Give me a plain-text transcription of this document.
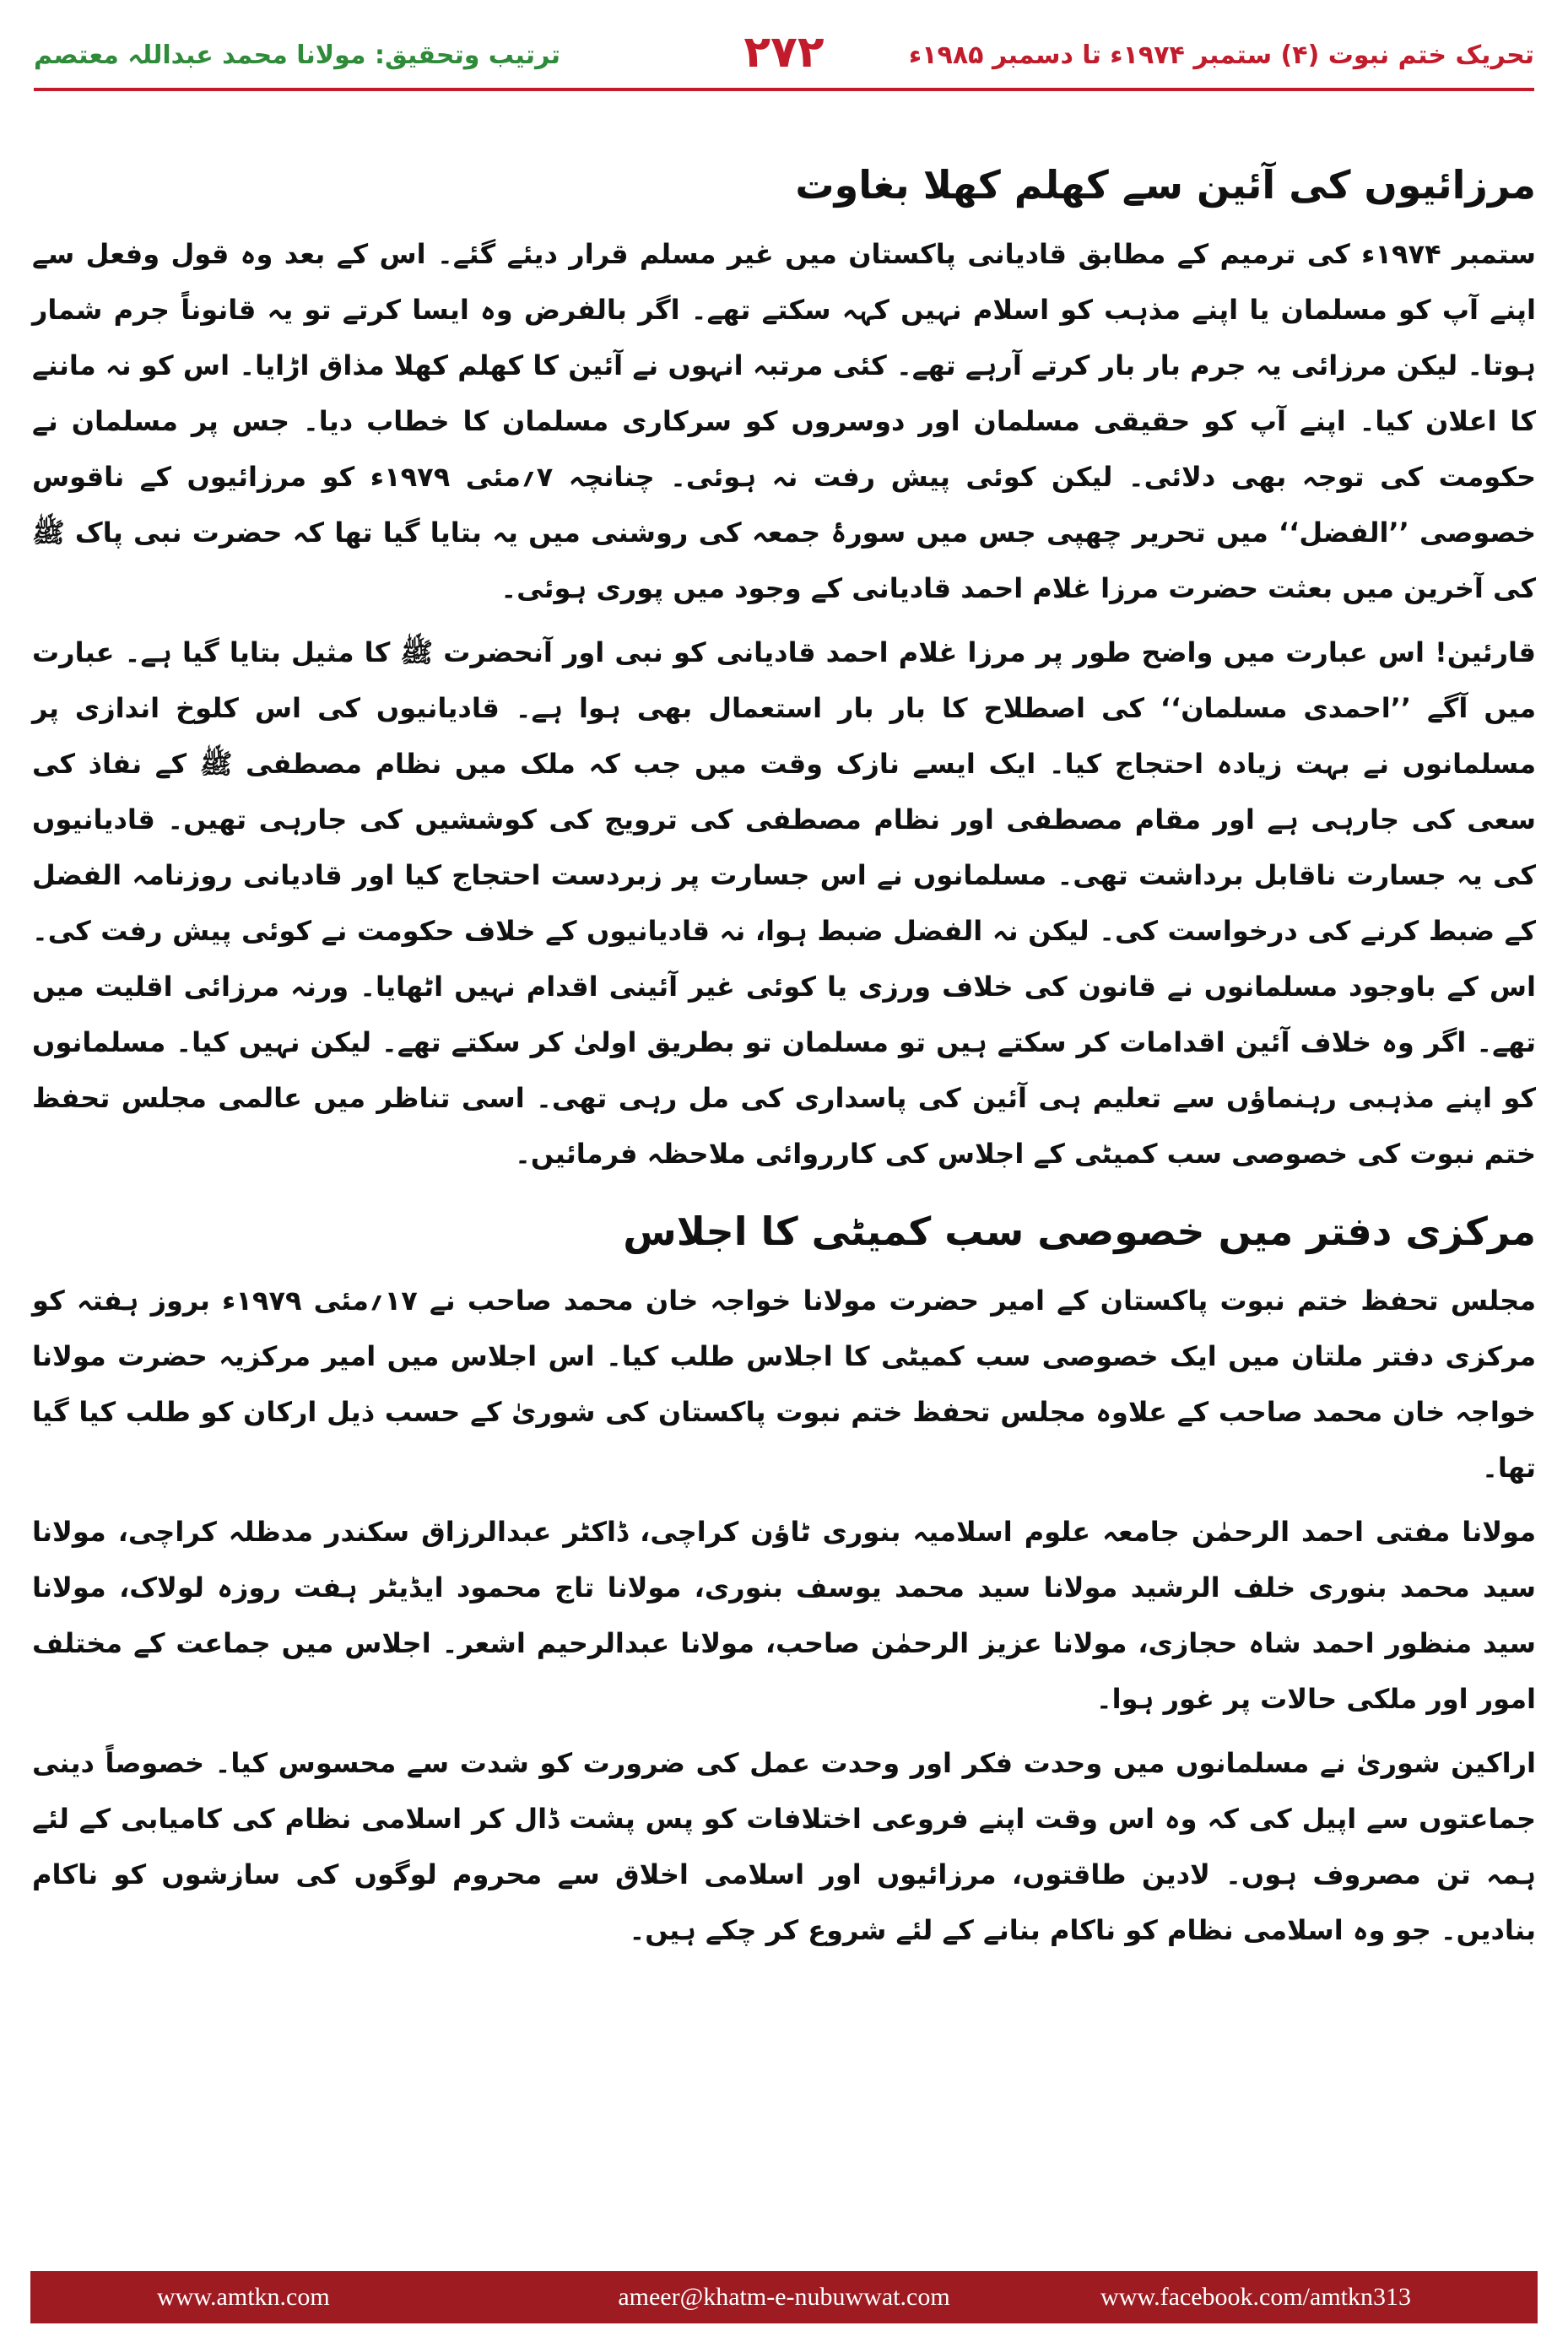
ترتیب وتحقیق: مولانا محمد عبداللہ معتصم	۲۷۲	تحریک ختم نبوت (۴) ستمبر ۱۹۷۴ء تا دسمبر ۱۹۸۵ء
مرزائیوں کی آئین سے کھلم کھلا بغاوت

ستمبر ۱۹۷۴ء کی ترمیم کے مطابق قادیانی پاکستان میں غیر مسلم قرار دیئے گئے۔ اس کے بعد وہ قول وفعل سے اپنے آپ کو مسلمان یا اپنے مذہب کو اسلام نہیں کہہ سکتے تھے۔ اگر بالفرض وہ ایسا کرتے تو یہ قانوناً جرم شمار ہوتا۔ لیکن مرزائی یہ جرم بار بار کرتے آرہے تھے۔ کئی مرتبہ انہوں نے آئین کا کھلم کھلا مذاق اڑایا۔ اس کو نہ ماننے کا اعلان کیا۔ اپنے آپ کو حقیقی مسلمان اور دوسروں کو سرکاری مسلمان کا خطاب دیا۔ جس پر مسلمان نے حکومت کی توجہ بھی دلائی۔ لیکن کوئی پیش رفت نہ ہوئی۔ چنانچہ ۷؍مئی ۱۹۷۹ء کو مرزائیوں کے ناقوس خصوصی ’’الفضل‘‘ میں تحریر چھپی جس میں سورۂ جمعہ کی روشنی میں یہ بتایا گیا تھا کہ حضرت نبی پاک ﷺ کی آخرین میں بعثت حضرت مرزا غلام احمد قادیانی کے وجود میں پوری ہوئی۔

قارئین! اس عبارت میں واضح طور پر مرزا غلام احمد قادیانی کو نبی اور آنحضرت ﷺ کا مثیل بتایا گیا ہے۔ عبارت میں آگے ’’احمدی مسلمان‘‘ کی اصطلاح کا بار بار استعمال بھی ہوا ہے۔ قادیانیوں کی اس کلوخ اندازی پر مسلمانوں نے بہت زیادہ احتجاج کیا۔ ایک ایسے نازک وقت میں جب کہ ملک میں نظام مصطفی ﷺ کے نفاذ کی سعی کی جارہی ہے اور مقام مصطفی اور نظام مصطفی کی ترویج کی کوششیں کی جارہی تھیں۔ قادیانیوں کی یہ جسارت ناقابل برداشت تھی۔ مسلمانوں نے اس جسارت پر زبردست احتجاج کیا اور قادیانی روزنامہ الفضل کے ضبط کرنے کی درخواست کی۔ لیکن نہ الفضل ضبط ہوا، نہ قادیانیوں کے خلاف حکومت نے کوئی پیش رفت کی۔ اس کے باوجود مسلمانوں نے قانون کی خلاف ورزی یا کوئی غیر آئینی اقدام نہیں اٹھایا۔ ورنہ مرزائی اقلیت میں تھے۔ اگر وہ خلاف آئین اقدامات کر سکتے ہیں تو مسلمان تو بطریق اولیٰ کر سکتے تھے۔ لیکن نہیں کیا۔ مسلمانوں کو اپنے مذہبی رہنماؤں سے تعلیم ہی آئین کی پاسداری کی مل رہی تھی۔ اسی تناظر میں عالمی مجلس تحفظ ختم نبوت کی خصوصی سب کمیٹی کے اجلاس کی کارروائی ملاحظہ فرمائیں۔

مرکزی دفتر میں خصوصی سب کمیٹی کا اجلاس

مجلس تحفظ ختم نبوت پاکستان کے امیر حضرت مولانا خواجہ خان محمد صاحب نے ۱۷؍مئی ۱۹۷۹ء بروز ہفتہ کو مرکزی دفتر ملتان میں ایک خصوصی سب کمیٹی کا اجلاس طلب کیا۔ اس اجلاس میں امیر مرکزیہ حضرت مولانا خواجہ خان محمد صاحب کے علاوہ مجلس تحفظ ختم نبوت پاکستان کی شوریٰ کے حسب ذیل ارکان کو طلب کیا گیا تھا۔

مولانا مفتی احمد الرحمٰن جامعہ علوم اسلامیہ بنوری ٹاؤن کراچی، ڈاکٹر عبدالرزاق سکندر مدظلہ کراچی، مولانا سید محمد بنوری خلف الرشید مولانا سید محمد یوسف بنوری، مولانا تاج محمود ایڈیٹر ہفت روزہ لولاک، مولانا سید منظور احمد شاہ حجازی، مولانا عزیز الرحمٰن صاحب، مولانا عبدالرحیم اشعر۔ اجلاس میں جماعت کے مختلف امور اور ملکی حالات پر غور ہوا۔

اراکین شوریٰ نے مسلمانوں میں وحدت فکر اور وحدت عمل کی ضرورت کو شدت سے محسوس کیا۔ خصوصاً دینی جماعتوں سے اپیل کی کہ وہ اس وقت اپنے فروعی اختلافات کو پس پشت ڈال کر اسلامی نظام کی کامیابی کے لئے ہمہ تن مصروف ہوں۔ لادین طاقتوں، مرزائیوں اور اسلامی اخلاق سے محروم لوگوں کی سازشوں کو ناکام بنادیں۔ جو وہ اسلامی نظام کو ناکام بنانے کے لئے شروع کر چکے ہیں۔

www.amtkn.com	ameer@khatm-e-nubuwwat.com	www.facebook.com/amtkn313
